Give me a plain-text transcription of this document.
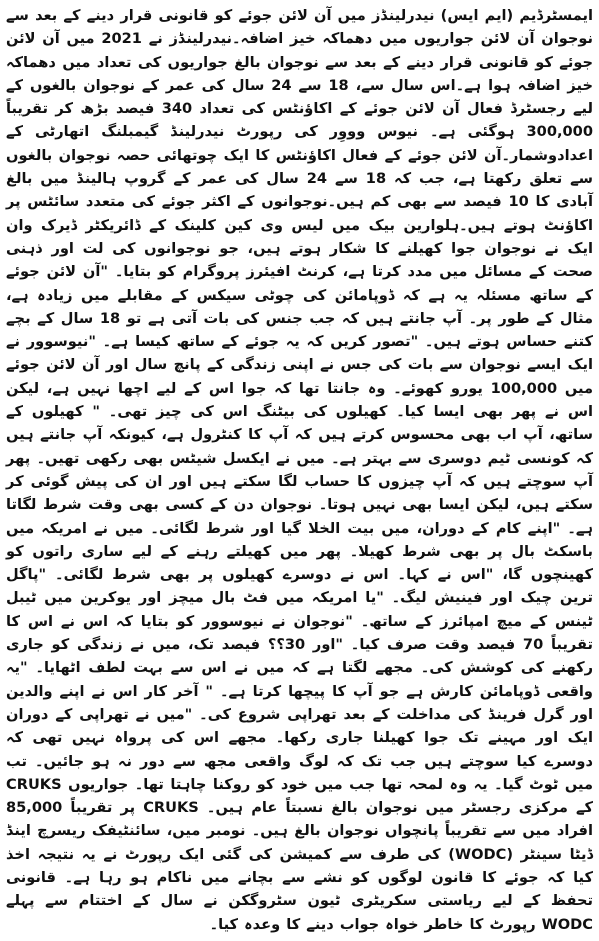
ایمسٹرڈیم (ایم ایس) نیدرلینڈز میں آن لائن جوئے کو قانونی قرار دینے کے بعد سے نوجوان آن لائن جواریوں میں دھماکہ خیز اضافہ۔نیدرلینڈز نے 2021 میں آن لائن جوئے کو قانونی قرار دینے کے بعد سے نوجوان بالغ جواریوں کی تعداد میں دھماکہ خیز اضافہ ہوا ہے۔اس سال سے، 18 سے 24 سال کی عمر کے نوجوان بالغوں کے لیے رجسٹرڈ فعال آن لائن جوئے کے اکاؤنٹس کی تعداد 340 فیصد بڑھ کر تقریباً 300,000 ہوگئی ہے۔ نیوس وووِر کی رپورٹ نیدرلینڈ گیمبلنگ اتھارٹی کے اعدادوشمار۔آن لائن جوئے کے فعال اکاؤنٹس کا ایک چوتھائی حصہ نوجوان بالغوں سے تعلق رکھتا ہے، جب کہ 18 سے 24 سال کی عمر کے گروپ ہالینڈ میں بالغ آبادی کا 10 فیصد سے بھی کم ہیں۔نوجوانوں کے اکثر جوئے کی متعدد سائٹس پر اکاؤنٹ ہوتے ہیں۔ہلوارین بیک میں لیس وی کین کلینک کے ڈائریکٹر ڈیرک وان ایک نے نوجوان جوا کھیلنے کا شکار ہوتے ہیں، جو نوجوانوں کی لت اور ذہنی صحت کے مسائل میں مدد کرتا ہے، کرنٹ افیئرز پروگرام کو بتایا۔ "آن لائن جوئے کے ساتھ مسئلہ یہ ہے کہ ڈوپامائن کی چوٹی سیکس کے مقابلے میں زیادہ ہے، مثال کے طور پر۔ آپ جانتے ہیں کہ جب جنس کی بات آتی ہے تو 18 سال کے بچے کتنے حساس ہوتے ہیں۔ "تصور کریں کہ یہ جوئے کے ساتھ کیسا ہے۔ "نیوسوور نے ایک ایسے نوجوان سے بات کی جس نے اپنی زندگی کے پانچ سال اور آن لائن جوئے میں 100,000 یورو کھوئے۔ وہ جانتا تھا کہ جوا اس کے لیے اچھا نہیں ہے، لیکن اس نے پھر بھی ایسا کیا۔ کھیلوں کی بیٹنگ اس کی چیز تھی۔ " کھیلوں کے ساتھ، آپ اب بھی محسوس کرتے ہیں کہ آپ کا کنٹرول ہے، کیونکہ آپ جانتے ہیں کہ کونسی ٹیم دوسری سے بہتر ہے۔ میں نے ایکسل شیٹس بھی رکھی تھیں۔ پھر آپ سوچتے ہیں کہ آپ چیزوں کا حساب لگا سکتے ہیں اور ان کی پیش گوئی کر سکتے ہیں، لیکن ایسا بھی نہیں ہوتا۔ نوجوان دن کے کسی بھی وقت شرط لگاتا ہے۔ "اپنے کام کے دوران، میں بیت الخلا گیا اور شرط لگائی۔ میں نے امریکہ میں باسکٹ بال پر بھی شرط کھیلا۔ پھر میں کھیلتے رہنے کے لیے ساری راتوں کو کھینچوں گا، "اس نے کہا۔ اس نے دوسرے کھیلوں پر بھی شرط لگائی۔ "پاگل ترین چیک اور فینیش لیگ۔ "یا امریکہ میں فٹ بال میچز اور یوکرین میں ٹیبل ٹینس کے میچ امپائرز کے ساتھ۔ "نوجوان نے نیوسوور کو بتایا کہ اس نے اس کا تقریباً 70 فیصد وقت صرف کیا۔ "اور 30؟؟ فیصد تک، میں نے زندگی کو جاری رکھنے کی کوشش کی۔ مجھے لگتا ہے کہ میں نے اس سے بہت لطف اٹھایا۔ "یہ واقعی ڈوپامائن کارش ہے جو آپ کا پیچھا کرتا ہے۔ " آخر کار اس نے اپنے والدین اور گرل فرینڈ کی مداخلت کے بعد تھراپی شروع کی۔ "میں نے تھراپی کے دوران ایک اور مہینے تک جوا کھیلنا جاری رکھا۔ مجھے اس کی پرواہ نہیں تھی کہ دوسرے کیا سوچتے ہیں جب تک کہ لوگ واقعی مجھ سے دور نہ ہو جائیں۔ تب میں ٹوٹ گیا۔ یہ وہ لمحہ تھا جب میں خود کو روکنا چاہتا تھا۔ جواریوں CRUKS کے مرکزی رجسٹر میں نوجوان بالغ نسبتاً عام ہیں۔ CRUKS پر تقریباً 85,000 افراد میں سے تقریباً پانچواں نوجوان بالغ ہیں۔ نومبر میں، سائنٹیفک ریسرچ اینڈ ڈیٹا سینٹر (WODC) کی طرف سے کمیشن کی گئی ایک رپورٹ نے یہ نتیجہ اخذ کیا کہ جوئے کا قانون لوگوں کو نشے سے بچانے میں ناکام ہو رہا ہے۔ قانونی تحفظ کے لیے ریاستی سکریٹری ٹیون سٹروگکن نے سال کے اختتام سے پہلے WODC رپورٹ کا خاطر خواہ جواب دینے کا وعدہ کیا۔
